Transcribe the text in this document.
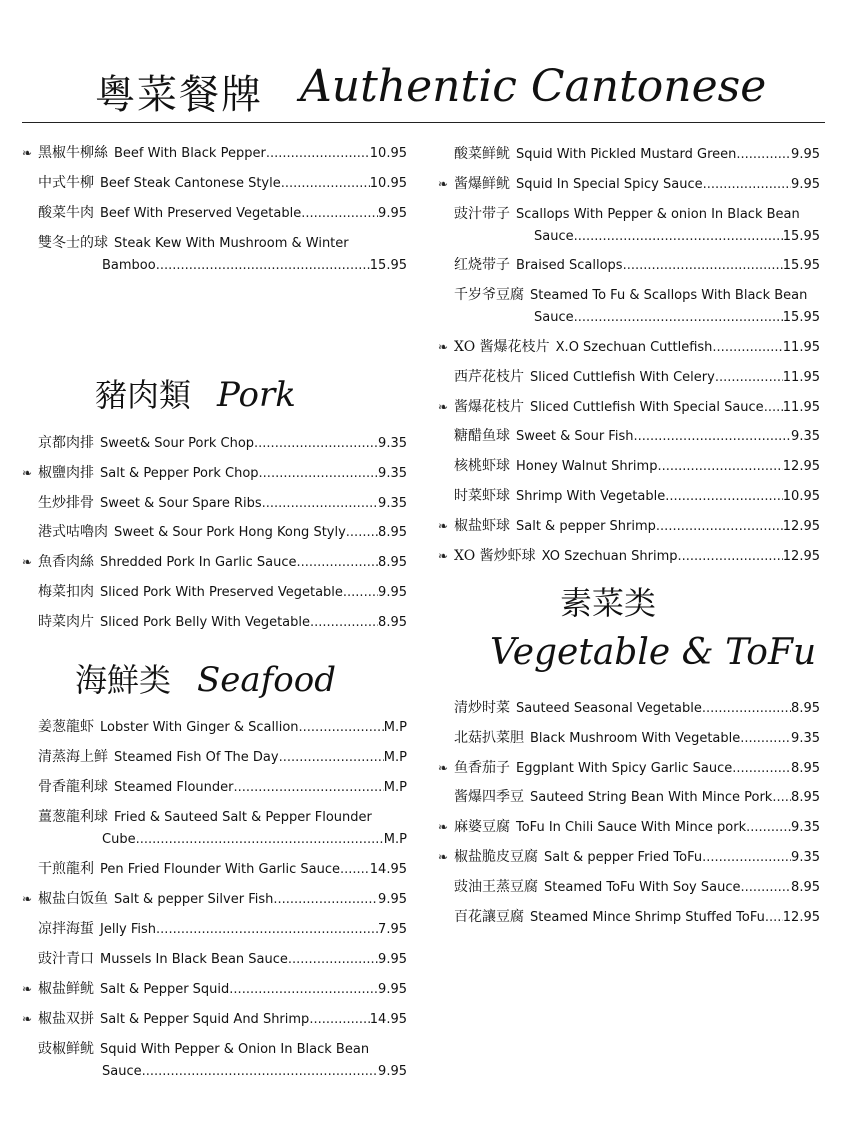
粵菜餐牌 Authentic Cantonese
❧ 黑椒牛柳絲 Beef With Black Pepper .....	10.95
中式牛柳 Beef Steak Cantonese Style .....	10.95
酸菜牛肉 Beef With Preserved Vegetable .....	9.95
雙冬士的球 Steak Kew With Mushroom & Winter
Bamboo .....	15.95
豬肉類 Pork
京都肉排 Sweet& Sour Pork Chop .....	9.35
❧ 椒鹽肉排 Salt & Pepper Pork Chop .....	9.35
生炒排骨 Sweet & Sour Spare Ribs .....	9.35
港式咕嚕肉 Sweet & Sour Pork Hong Kong Styly ..... 8.95
❧ 魚香肉絲 Shredded Pork In Garlic Sauce .....	8.95
梅菜扣肉 Sliced Pork With Preserved Vegetable .....	9.95
時菜肉片 Sliced Pork Belly With Vegetable .....	8.95
海鮮类 Seafood
姜葱龍虾 Lobster With Ginger & Scallion .....	M.P
清蒸海上鲜 Steamed Fish Of The Day .....	M.P
骨香龍利球 Steamed Flounder .....	M.P
薑葱龍利球 Fried & Sauteed Salt & Pepper Flounder
Cube .....	M.P
干煎龍利 Pen Fried Flounder With Garlic Sauce ..... 14.95
❧ 椒盐白饭鱼 Salt & pepper Silver Fish .....	9.95
凉拌海蜇 Jelly Fish .....	7.95
豉汁青口 Mussels In Black Bean Sauce .....	9.95
❧ 椒盐鲜鱿 Salt & Pepper Squid .....	9.95
❧ 椒盐双拼 Salt & Pepper Squid And Shrimp .....	14.95
豉椒鲜鱿 Squid With Pepper & Onion In Black Bean
Sauce .....	9.95
酸菜鲜鱿 Squid With Pickled Mustard Green .....	9.95
❧ 酱爆鲜鱿 Squid In Special Spicy Sauce .....	9.95
豉汁带子 Scallops With Pepper & onion In Black Bean
Sauce .....	15.95
红烧带子 Braised Scallops .....	15.95
千岁爷豆腐 Steamed To Fu & Scallops With Black Bean
Sauce .....	15.95
❧ XO 酱爆花枝片 X.O Szechuan Cuttlefish .....	11.95
西芹花枝片 Sliced Cuttlefish With Celery .....	11.95
❧ 酱爆花枝片 Sliced Cuttlefish With Special Sauce ..... 11.95
糖醋鱼球 Sweet & Sour Fish .....	9.35
核桃虾球 Honey Walnut Shrimp .....	12.95
时菜虾球 Shrimp With Vegetable .....	10.95
❧ 椒盐虾球 Salt & pepper Shrimp .....	12.95
❧ XO 酱炒虾球 XO Szechuan Shrimp .....	12.95
素菜类
Vegetable & ToFu
清炒时菜 Sauteed Seasonal Vegetable .....	8.95
北菇扒菜胆 Black Mushroom With Vegetable .....	9.35
❧ 鱼香茄子 Eggplant With Spicy Garlic Sauce .....	8.95
酱爆四季豆 Sauteed String Bean With Mince Pork ..... 8.95
❧ 麻婆豆腐 ToFu In Chili Sauce With Mince pork .....	9.35
❧ 椒盐脆皮豆腐 Salt & pepper Fried ToFu .....	9.35
豉油王蒸豆腐 Steamed ToFu With Soy Sauce .....	8.95
百花讓豆腐 Steamed Mince Shrimp Stuffed ToFu ..... 12.95
